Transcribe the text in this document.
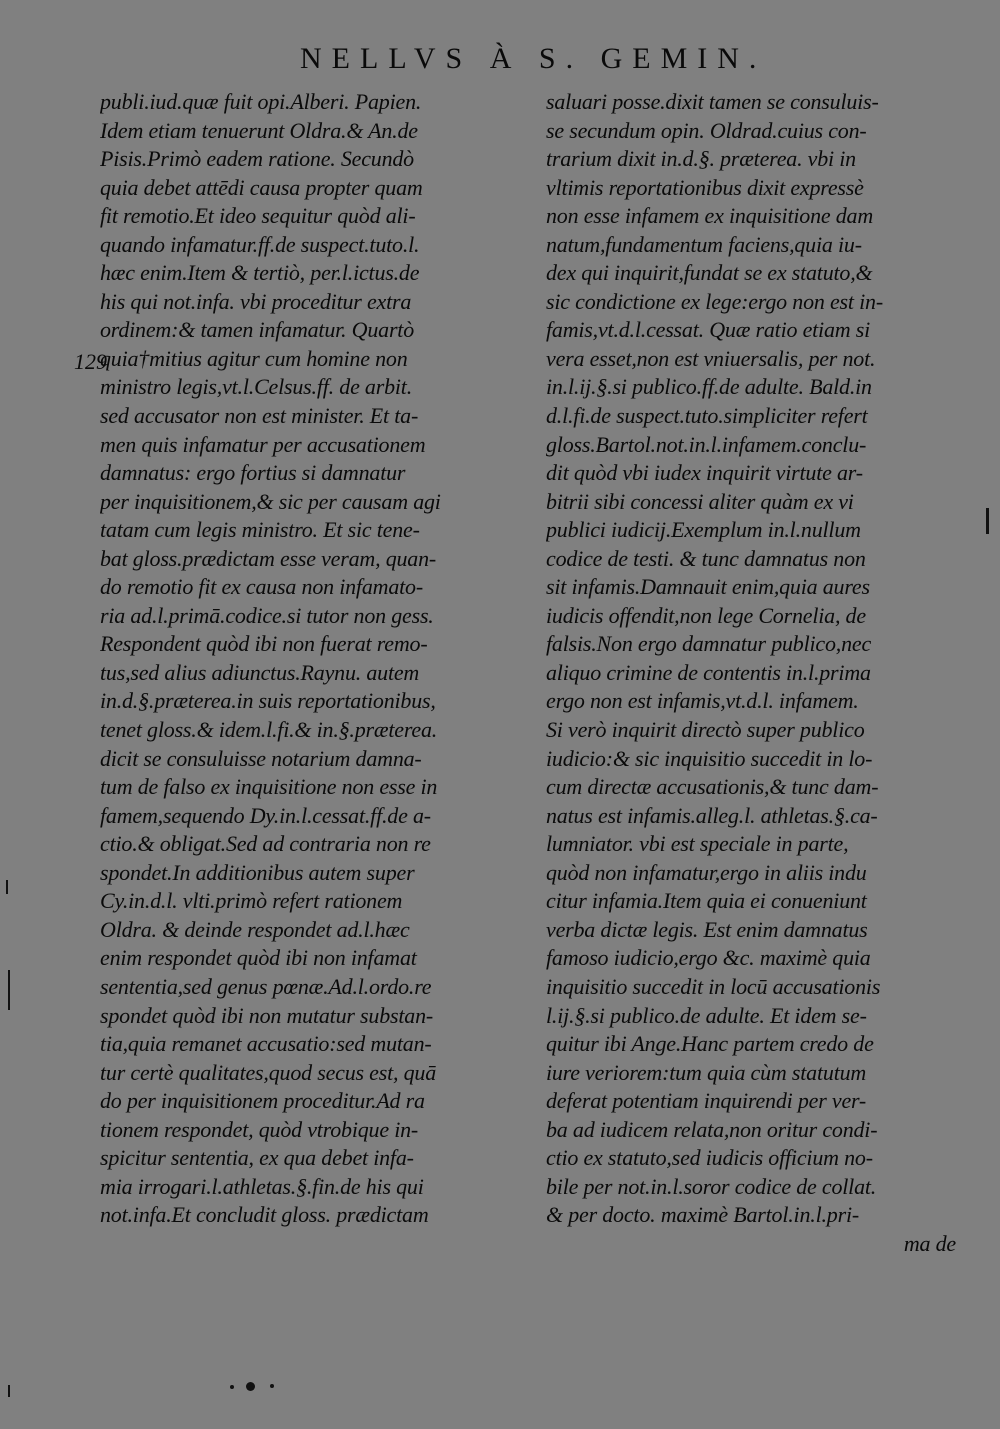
NELLVS À S. GEMIN.
129
publi.iud.quæ fuit opi.Alberi. Papien.
Idem etiam tenuerunt Oldra.& An.de
Pisis.Primò eadem ratione. Secundò
quia debet attēdi causa propter quam
fit remotio.Et ideo sequitur quòd ali-
quando infamatur.ff.de suspect.tuto.l.
hæc enim.Item & tertiò, per.l.ictus.de
his qui not.infa. vbi proceditur extra
ordinem:& tamen infamatur. Quartò
quia†mitius agitur cum homine non
ministro legis,vt.l.Celsus.ff. de arbit.
sed accusator non est minister. Et ta-
men quis infamatur per accusationem
damnatus: ergo fortius si damnatur
per inquisitionem,& sic per causam agi
tatam cum legis ministro. Et sic tene-
bat gloss.prædictam esse veram, quan-
do remotio fit ex causa non infamato-
ria ad.l.primā.codice.si tutor non gess.
Respondent quòd ibi non fuerat remo-
tus,sed alius adiunctus.Raynu. autem
in.d.§.præterea.in suis reportationibus,
tenet gloss.& idem.l.fi.& in.§.præterea.
dicit se consuluisse notarium damna-
tum de falso ex inquisitione non esse in
famem,sequendo Dy.in.l.cessat.ff.de a-
ctio.& obligat.Sed ad contraria non re
spondet.In additionibus autem super
Cy.in.d.l. vlti.primò refert rationem
Oldra. & deinde respondet ad.l.hæc
enim respondet quòd ibi non infamat
sententia,sed genus pœnæ.Ad.l.ordo.re
spondet quòd ibi non mutatur substan-
tia,quia remanet accusatio:sed mutan-
tur certè qualitates,quod secus est, quā
do per inquisitionem proceditur.Ad ra
tionem respondet, quòd vtrobique in-
spicitur sententia, ex qua debet infa-
mia irrogari.l.athletas.§.fin.de his qui
not.infa.Et concludit gloss. prædictam
saluari posse.dixit tamen se consuluis-
se secundum opin. Oldrad.cuius con-
trarium dixit in.d.§. præterea. vbi in
vltimis reportationibus dixit expressè
non esse infamem ex inquisitione dam
natum,fundamentum faciens,quia iu-
dex qui inquirit,fundat se ex statuto,&
sic condictione ex lege:ergo non est in-
famis,vt.d.l.cessat. Quæ ratio etiam si
vera esset,non est vniuersalis, per not.
in.l.ij.§.si publico.ff.de adulte. Bald.in
d.l.fi.de suspect.tuto.simpliciter refert
gloss.Bartol.not.in.l.infamem.conclu-
dit quòd vbi iudex inquirit virtute ar-
bitrii sibi concessi aliter quàm ex vi
publici iudicij.Exemplum in.l.nullum
codice de testi. & tunc damnatus non
sit infamis.Damnauit enim,quia aures
iudicis offendit,non lege Cornelia, de
falsis.Non ergo damnatur publico,nec
aliquo crimine de contentis in.l.prima
ergo non est infamis,vt.d.l. infamem.
Si verò inquirit directò super publico
iudicio:& sic inquisitio succedit in lo-
cum directæ accusationis,& tunc dam-
natus est infamis.alleg.l. athletas.§.ca-
lumniator. vbi est speciale in parte,
quòd non infamatur,ergo in aliis indu
citur infamia.Item quia ei conueniunt
verba dictæ legis. Est enim damnatus
famoso iudicio,ergo &c. maximè quia
inquisitio succedit in locū accusationis
l.ij.§.si publico.de adulte. Et idem se-
quitur ibi Ange.Hanc partem credo de
iure veriorem:tum quia cùm statutum
deferat potentiam inquirendi per ver-
ba ad iudicem relata,non oritur condi-
ctio ex statuto,sed iudicis officium no-
bile per not.in.l.soror codice de collat.
& per docto. maximè Bartol.in.l.pri-
ma de
